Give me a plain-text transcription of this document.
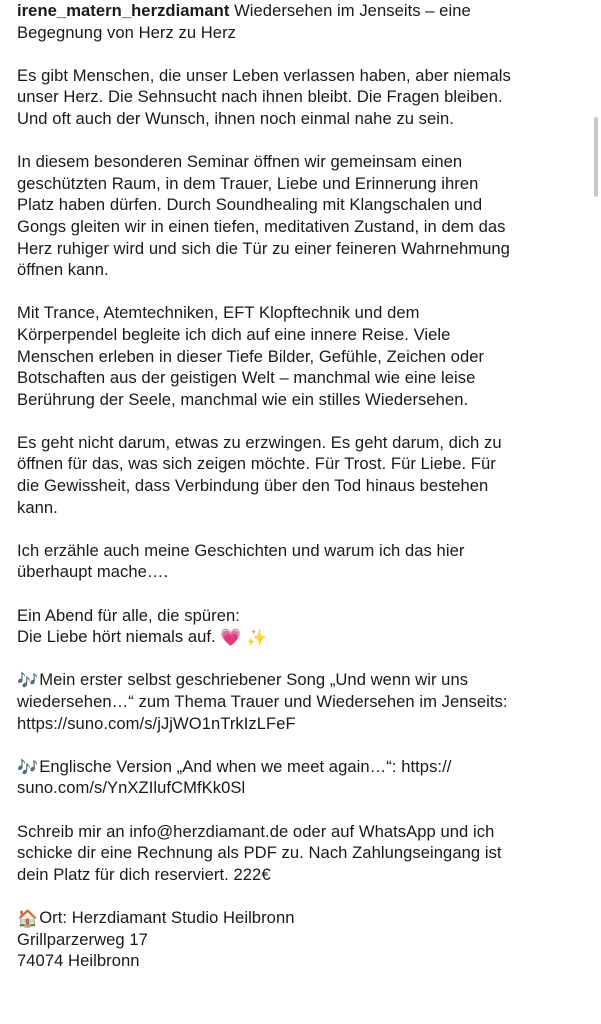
irene_matern_herzdiamant Wiedersehen im Jenseits – eine
Begegnung von Herz zu Herz
Es gibt Menschen, die unser Leben verlassen haben, aber niemals
unser Herz. Die Sehnsucht nach ihnen bleibt. Die Fragen bleiben.
Und oft auch der Wunsch, ihnen noch einmal nahe zu sein.
In diesem besonderen Seminar öffnen wir gemeinsam einen
geschützten Raum, in dem Trauer, Liebe und Erinnerung ihren
Platz haben dürfen. Durch Soundhealing mit Klangschalen und
Gongs gleiten wir in einen tiefen, meditativen Zustand, in dem das
Herz ruhiger wird und sich die Tür zu einer feineren Wahrnehmung
öffnen kann.
Mit Trance, Atemtechniken, EFT Klopftechnik und dem
Körperpendel begleite ich dich auf eine innere Reise. Viele
Menschen erleben in dieser Tiefe Bilder, Gefühle, Zeichen oder
Botschaften aus der geistigen Welt – manchmal wie eine leise
Berührung der Seele, manchmal wie ein stilles Wiedersehen.
Es geht nicht darum, etwas zu erzwingen. Es geht darum, dich zu
öffnen für das, was sich zeigen möchte. Für Trost. Für Liebe. Für
die Gewissheit, dass Verbindung über den Tod hinaus bestehen
kann.
Ich erzähle auch meine Geschichten und warum ich das hier
überhaupt mache….
Ein Abend für alle, die spüren:
Die Liebe hört niemals auf. 💗 ✨
🎶Mein erster selbst geschriebener Song „Und wenn wir uns
wiedersehen…“ zum Thema Trauer und Wiedersehen im Jenseits:
https://suno.com/s/jJjWO1nTrkIzLFeF
🎶Englische Version „And when we meet again…“: https://
suno.com/s/YnXZIlufCMfKk0Sl
Schreib mir an info@herzdiamant.de oder auf WhatsApp und ich
schicke dir eine Rechnung als PDF zu. Nach Zahlungseingang ist
dein Platz für dich reserviert. 222€
🏠Ort: Herzdiamant Studio Heilbronn
Grillparzerweg 17
74074 Heilbronn
